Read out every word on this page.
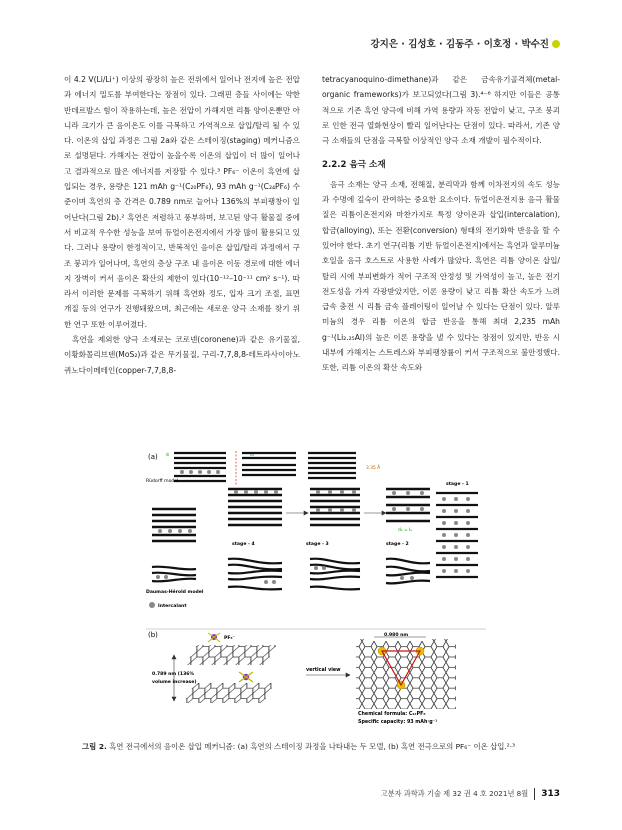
강지은 · 김성호 · 김동주 · 이호정 · 박수진

이 4.2 V(Li/Li⁺) 이상의 광장히 높은 전위에서 일어나 전지에 높은 전압과 에너지 밀도를 부여한다는 장점이 있다. 그래핀 층들 사이에는 약한 반데르발스 힘이 작용하는데, 높은 전압이 가해지면 리튬 양이온뿐만 아니라 크기가 큰 음이온도 이를 극복하고 가역적으로 삽입/탈리 될 수 있다. 이온의 삽입 과정은 그림 2a와 같은 스테이징(staging) 메커니즘으로 설명된다. 가해지는 전압이 높을수록 이온의 삽입이 더 많이 일어나고 결과적으로 많은 에너지를 저장할 수 있다.³ PF₆⁻ 이온이 흑연에 삽입되는 경우, 용량은 121 mAh g⁻¹(C₂₀PF₆), 93 mAh g⁻¹(C₂₄PF₆) 수준이며 흑연의 층 간격은 0.789 nm로 늘어나 136%의 부피팽창이 일어난다(그림 2b).² 흑연은 저렴하고 풍부하며, 보고된 양극 활물질 중에서 비교적 우수한 성능을 보여 듀얼이온전지에서 가장 많이 활용되고 있다. 그러나 용량이 한정적이고, 반복적인 음이온 삽입/탈리 과정에서 구조 붕괴가 일어나며, 흑연의 층상 구조 내 음이온 이동 경로에 대한 에너지 장벽이 커서 음이온 확산의 제한이 있다(10⁻¹²–10⁻¹¹ cm² s⁻¹). 따라서 이러한 문제를 극복하기 위해 흑연화 정도, 입자 크기 조절, 표면 개질 등의 연구가 진행돼왔으며, 최근에는 새로운 양극 소재를 찾기 위한 연구 또한 이루어졌다.

흑연을 제외한 양극 소재로는 코로넨(coronene)과 같은 유기물질, 이황화몰리브덴(MoS₂)과 같은 무기물질, 구리-7,7,8,8-테트라사이아노퀴노다이메테인(copper-7,7,8,8-

tetracyanoquino-dimethane)과 같은 금속유기골격체(metal-organic frameworks)가 보고되었다(그림 3).⁴⁻⁶ 하지만 이들은 공통적으로 기존 흑연 양극에 비해 가역 용량과 작동 전압이 낮고, 구조 붕괴로 인한 전극 열화현상이 빨리 일어난다는 단점이 있다. 따라서, 기존 양극 소재들의 단점을 극복할 이상적인 양극 소재 개발이 필수적이다.

2.2.2 음극 소재

음극 소재는 양극 소재, 전해질, 분리막과 함께 이차전지의 속도 성능과 수명에 깊숙이 관여하는 중요한 요소이다. 듀얼이온전지용 음극 활물질은 리튬이온전지와 마찬가지로 특정 양이온과 삽입(intercalation), 합금(alloying), 또는 전환(conversion) 형태의 전기화학 반응을 할 수 있어야 한다. 초기 연구(리튬 기반 듀얼이온전지)에서는 흑연과 알루미늄 호일을 음극 호스트로 사용한 사례가 많았다. 흑연은 리튬 양이온 삽입/탈리 시에 부피변화가 적어 구조적 안정성 및 가역성이 높고, 높은 전기전도성을 가져 각광받았지만, 이론 용량이 낮고 리튬 확산 속도가 느려 급속 충전 시 리튬 금속 플레이팅이 일어날 수 있다는 단점이 있다. 알루미늄의 경우 리튬 이온의 합금 반응을 통해 최대 2,235 mAh g⁻¹(Li₂.₂₅Al)의 높은 이론 용량을 낼 수 있다는 장점이 있지만, 반응 시 내부에 가해지는 스트레스와 부피팽창률이 커서 구조적으로 불안정했다. 또한, 리튬 이온의 확산 속도와

(a)
Rüdorff model
dᵢ	d₁
3.35 Å
d₁ = Iₑ
stage - 1
stage - 4	stage - 3	stage - 2
Daumas-Hérold model
Intercalant
(b)	PF₆⁻
0.789 nm (136%
volume increase)
vertical view
0.980 nm
Chemical formula: C₂₄PF₆
Specific capacity: 93 mAh·g⁻¹
그림 2. 흑연 전극에서의 음이온 삽입 메커니즘: (a) 흑연의 스테이징 과정을 나타내는 두 모델, (b) 흑연 전극으로의 PF₆⁻ 이온 삽입.²·³
고분자 과학과 기술 제 32 권 4 호 2021년 8월 313
